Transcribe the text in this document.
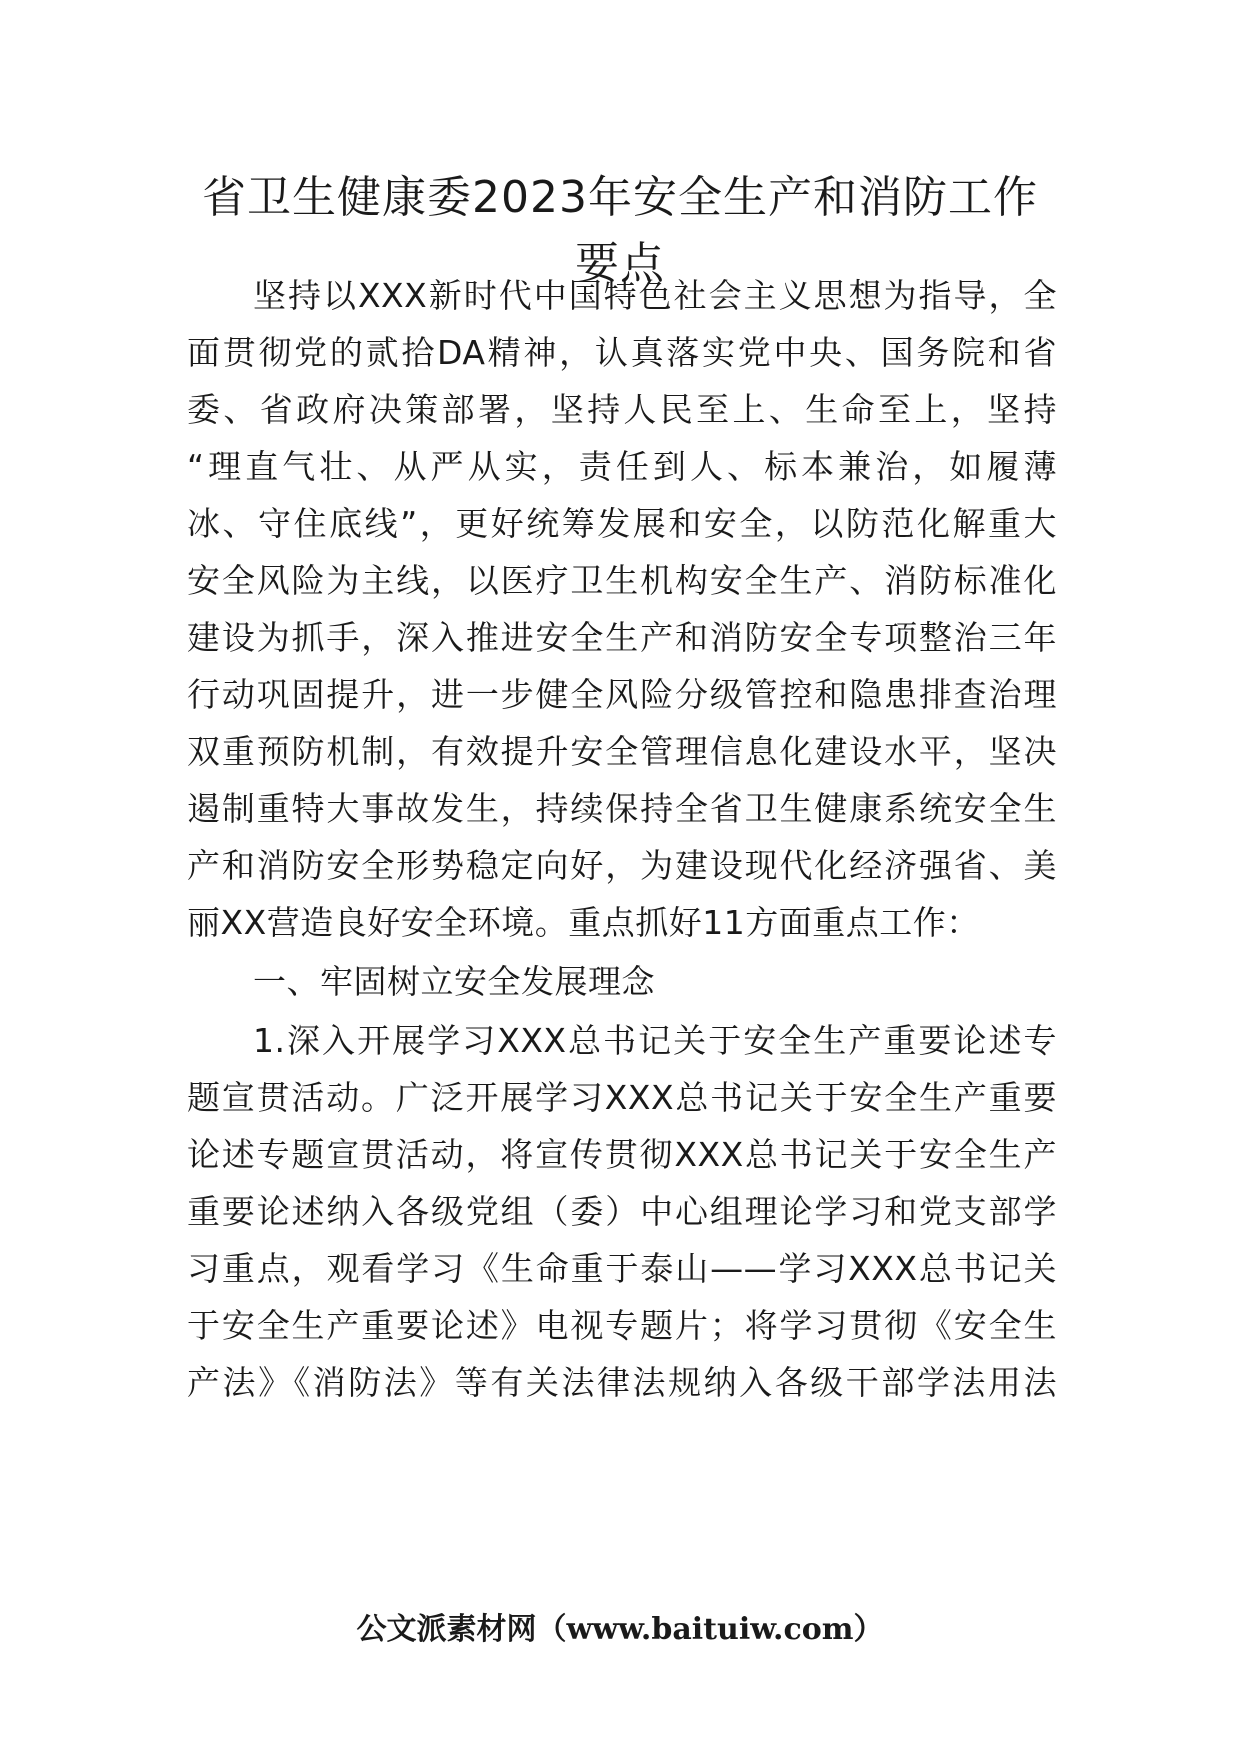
省卫生健康委2023年安全生产和消防工作
要点
坚持以XXX新时代中国特色社会主义思想为指导，全
面贯彻党的贰拾DA精神，认真落实党中央、国务院和省
委、省政府决策部署，坚持人民至上、生命至上，坚持
“理直气壮、从严从实，责任到人、标本兼治，如履薄
冰、守住底线”，更好统筹发展和安全，以防范化解重大
安全风险为主线，以医疗卫生机构安全生产、消防标准化
建设为抓手，深入推进安全生产和消防安全专项整治三年
行动巩固提升，进一步健全风险分级管控和隐患排查治理
双重预防机制，有效提升安全管理信息化建设水平，坚决
遏制重特大事故发生，持续保持全省卫生健康系统安全生
产和消防安全形势稳定向好，为建设现代化经济强省、美
丽XX营造良好安全环境。重点抓好11方面重点工作：
一、牢固树立安全发展理念
1.深入开展学习XXX总书记关于安全生产重要论述专
题宣贯活动。广泛开展学习XXX总书记关于安全生产重要
论述专题宣贯活动，将宣传贯彻XXX总书记关于安全生产
重要论述纳入各级党组（委）中心组理论学习和党支部学
习重点，观看学习《生命重于泰山——学习XXX总书记关
于安全生产重要论述》电视专题片；将学习贯彻《安全生
产法》《消防法》等有关法律法规纳入各级干部学法用法
公文派素材网（www.baituiw.com）
